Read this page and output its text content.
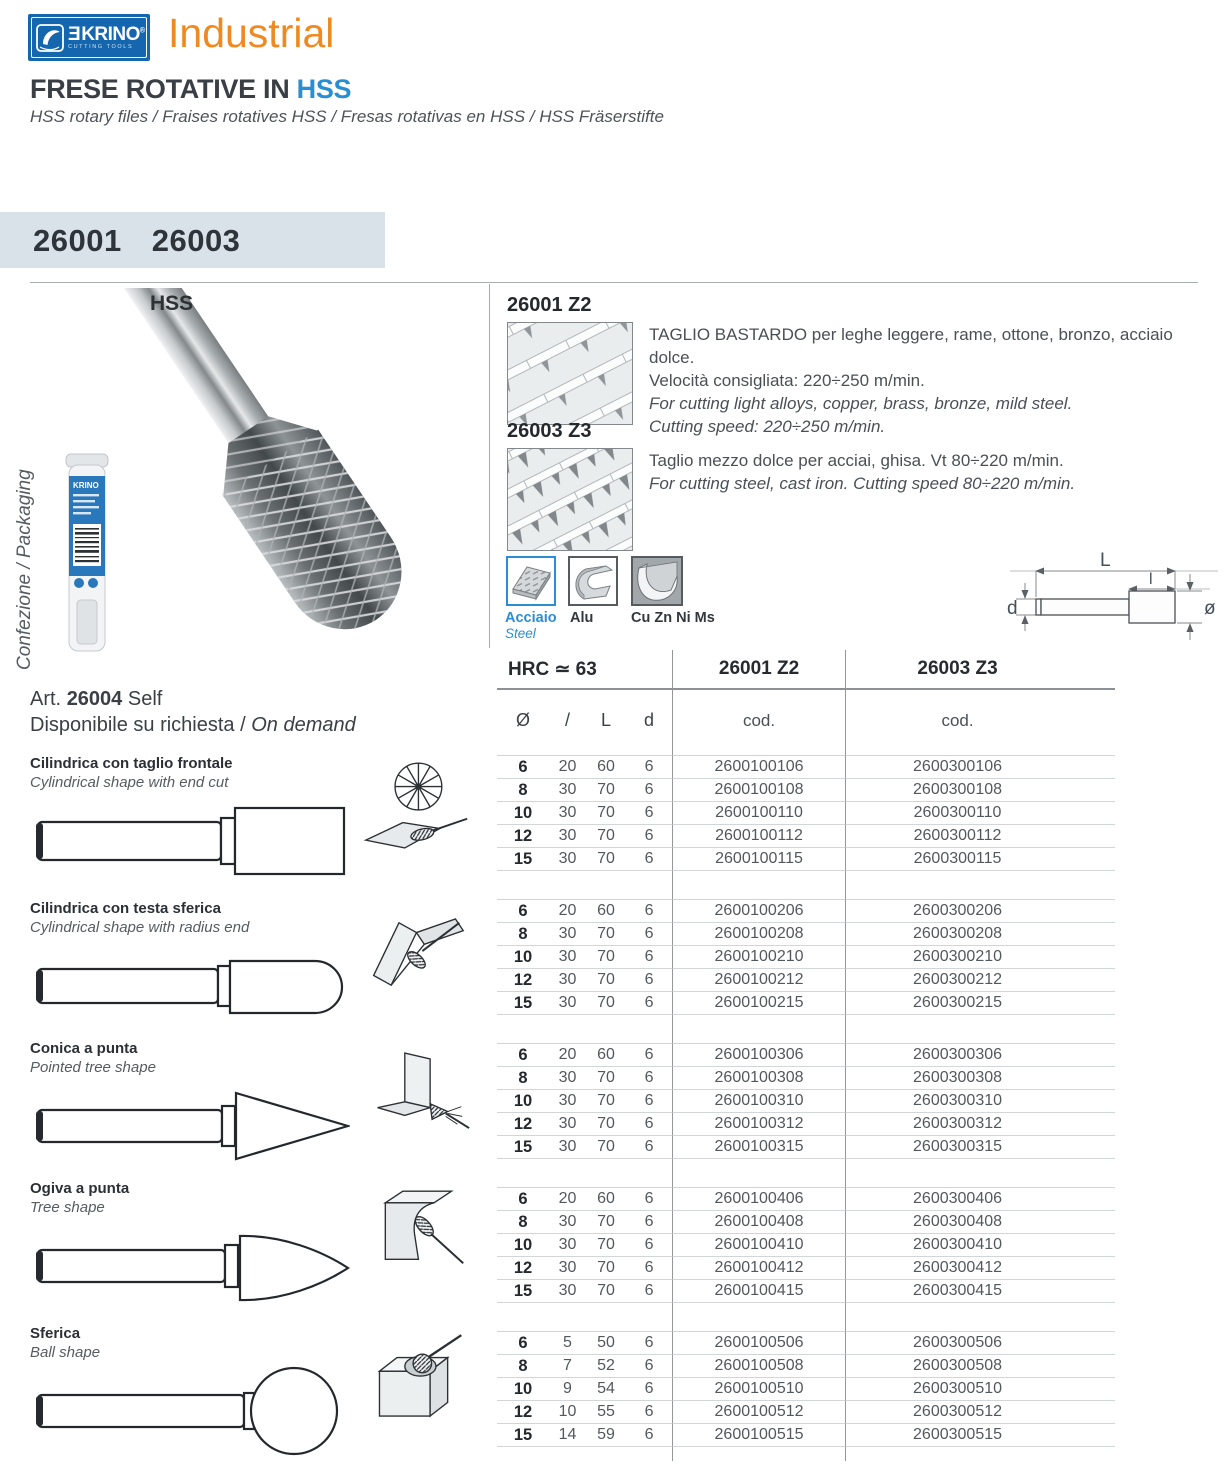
ƎKRINO®
CUTTING TOOLS Industrial
FRESE ROTATIVE IN HSS
HSS rotary files / Fraises rotatives HSS / Fresas rotativas en HSS / HSS Fräserstifte
26001 26003
HSS
Confezione / Packaging	KRINO
26001 Z2
TAGLIO BASTARDO per leghe leggere, rame, ottone, bronzo, acciaio dolce.
Velocità consigliata: 220÷250 m/min.
For cutting light alloys, copper, brass, bronze, mild steel.
Cutting speed: 220÷250 m/min.
26003 Z3
Taglio mezzo dolce per acciai, ghisa. Vt 80÷220 m/min.
For cutting steel, cast iron. Cutting speed 80÷220 m/min.
Acciaio
Steel
Alu	Cu Zn Ni Ms
L
l
d	ø
Art. 26004 Self
Disponibile su richiesta / On demand
Cilindrica con taglio frontale
Cylindrical shape with end cut
Cilindrica con testa sferica
Cylindrical shape with radius end
Conica a punta
Pointed tree shape
Ogiva a punta
Tree shape
Sferica
Ball shape
HRC ≃ 63				26001 Z2	26003 Z3
Ø	/	L	d	cod.	cod.

6	20	60	6	2600100106	2600300106
8	30	70	6	2600100108	2600300108
10	30	70	6	2600100110	2600300110
12	30	70	6	2600100112	2600300112
15	30	70	6	2600100115	2600300115

6	20	60	6	2600100206	2600300206
8	30	70	6	2600100208	2600300208
10	30	70	6	2600100210	2600300210
12	30	70	6	2600100212	2600300212
15	30	70	6	2600100215	2600300215

6	20	60	6	2600100306	2600300306
8	30	70	6	2600100308	2600300308
10	30	70	6	2600100310	2600300310
12	30	70	6	2600100312	2600300312
15	30	70	6	2600100315	2600300315

6	20	60	6	2600100406	2600300406
8	30	70	6	2600100408	2600300408
10	30	70	6	2600100410	2600300410
12	30	70	6	2600100412	2600300412
15	30	70	6	2600100415	2600300415

6	5	50	6	2600100506	2600300506
8	7	52	6	2600100508	2600300508
10	9	54	6	2600100510	2600300510
12	10	55	6	2600100512	2600300512
15	14	59	6	2600100515	2600300515
